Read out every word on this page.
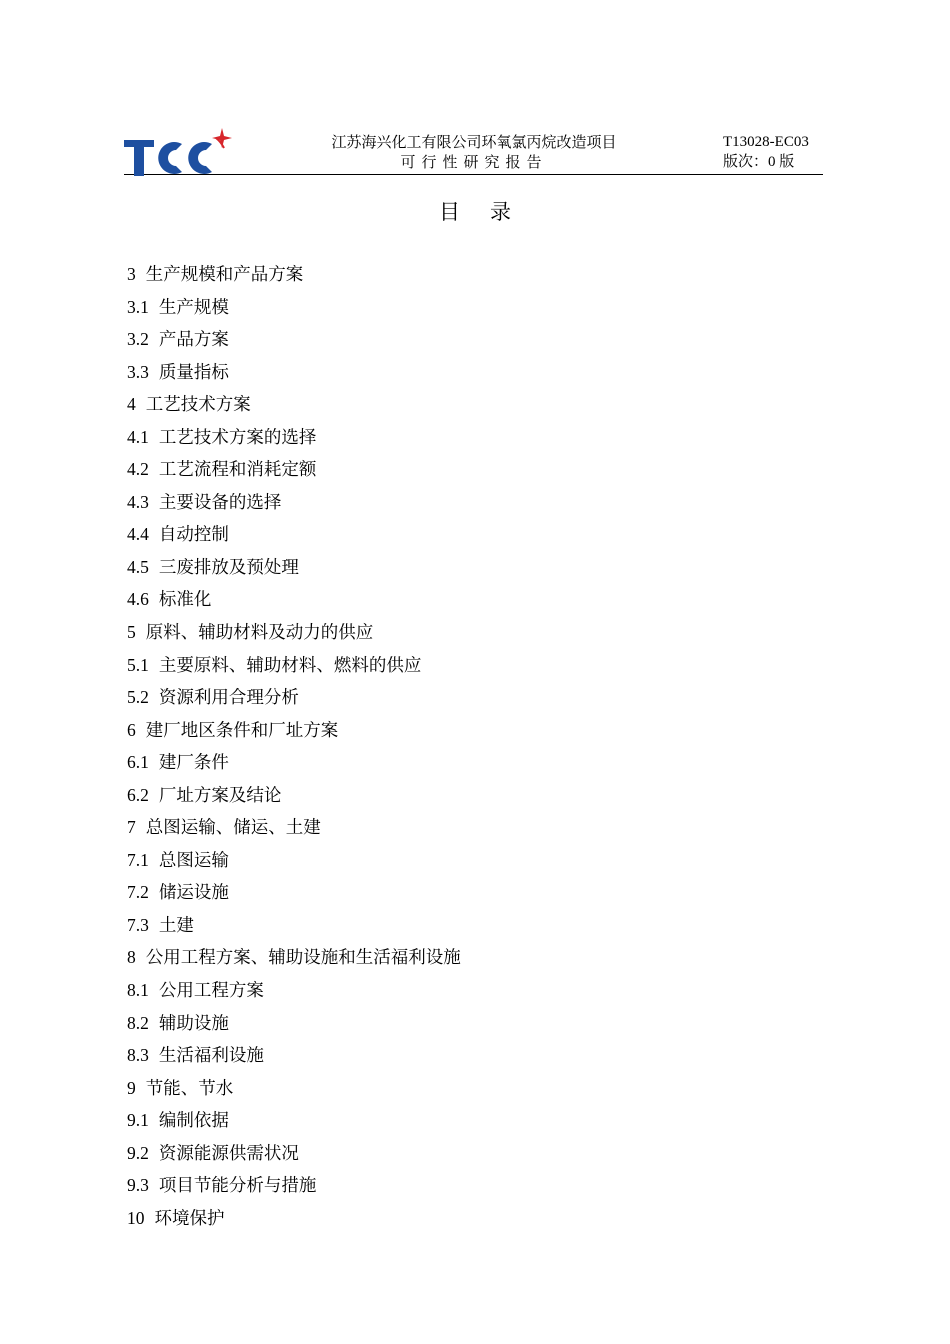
江苏海兴化工有限公司环氧氯丙烷改造项目
可行性研究报告
T13028-EC03
版次：0 版
目录
3 生产规模和产品方案
3.1 生产规模
3.2 产品方案
3.3 质量指标
4 工艺技术方案
4.1 工艺技术方案的选择
4.2 工艺流程和消耗定额
4.3 主要设备的选择
4.4 自动控制
4.5 三废排放及预处理
4.6 标准化
5 原料、辅助材料及动力的供应
5.1 主要原料、辅助材料、燃料的供应
5.2 资源利用合理分析
6 建厂地区条件和厂址方案
6.1 建厂条件
6.2 厂址方案及结论
7 总图运输、储运、土建
7.1 总图运输
7.2 储运设施
7.3 土建
8 公用工程方案、辅助设施和生活福利设施
8.1 公用工程方案
8.2 辅助设施
8.3 生活福利设施
9 节能、节水
9.1 编制依据
9.2 资源能源供需状况
9.3 项目节能分析与措施
10 环境保护
